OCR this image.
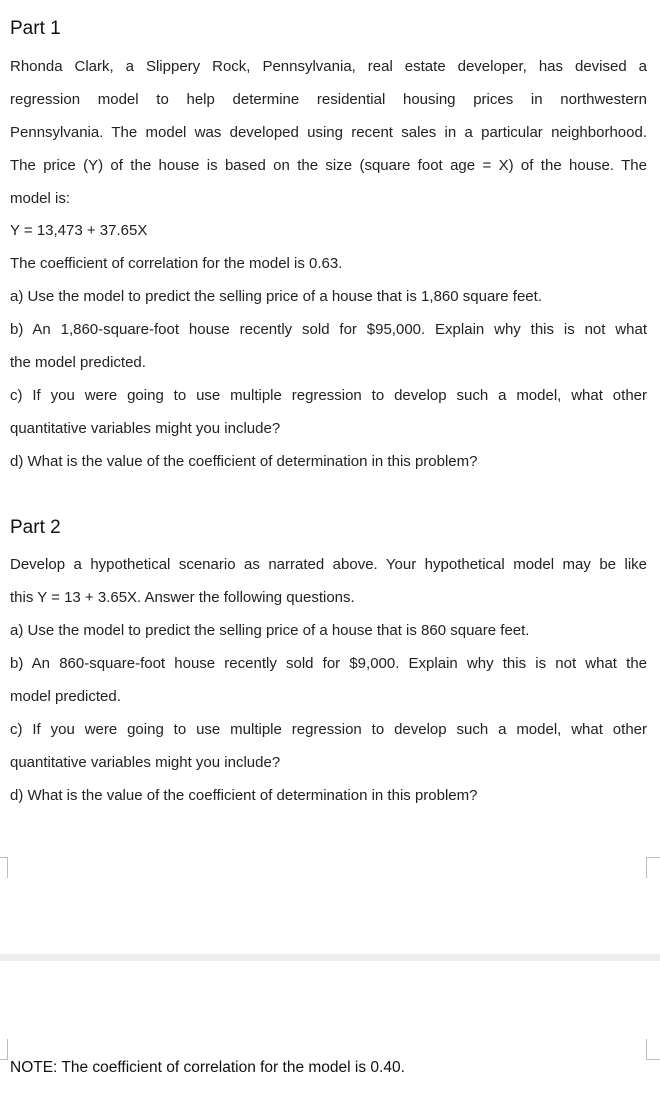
Part 1
Rhonda Clark, a Slippery Rock, Pennsylvania, real estate developer, has devised a
regression model to help determine residential housing prices in northwestern
Pennsylvania. The model was developed using recent sales in a particular neighborhood.
The price (Y) of the house is based on the size (square foot age = X) of the house. The
model is:
Y = 13,473 + 37.65X
The coefficient of correlation for the model is 0.63.
a) Use the model to predict the selling price of a house that is 1,860 square feet.
b) An 1,860-square-foot house recently sold for $95,000. Explain why this is not what
the model predicted.
c) If you were going to use multiple regression to develop such a model, what other
quantitative variables might you include?
d) What is the value of the coefficient of determination in this problem?
Part 2
Develop a hypothetical scenario as narrated above. Your hypothetical model may be like
this Y = 13 + 3.65X. Answer the following questions.
a) Use the model to predict the selling price of a house that is 860 square feet.
b) An 860-square-foot house recently sold for $9,000. Explain why this is not what the
model predicted.
c) If you were going to use multiple regression to develop such a model, what other
quantitative variables might you include?
d) What is the value of the coefficient of determination in this problem?
NOTE: The coefficient of correlation for the model is 0.40.
